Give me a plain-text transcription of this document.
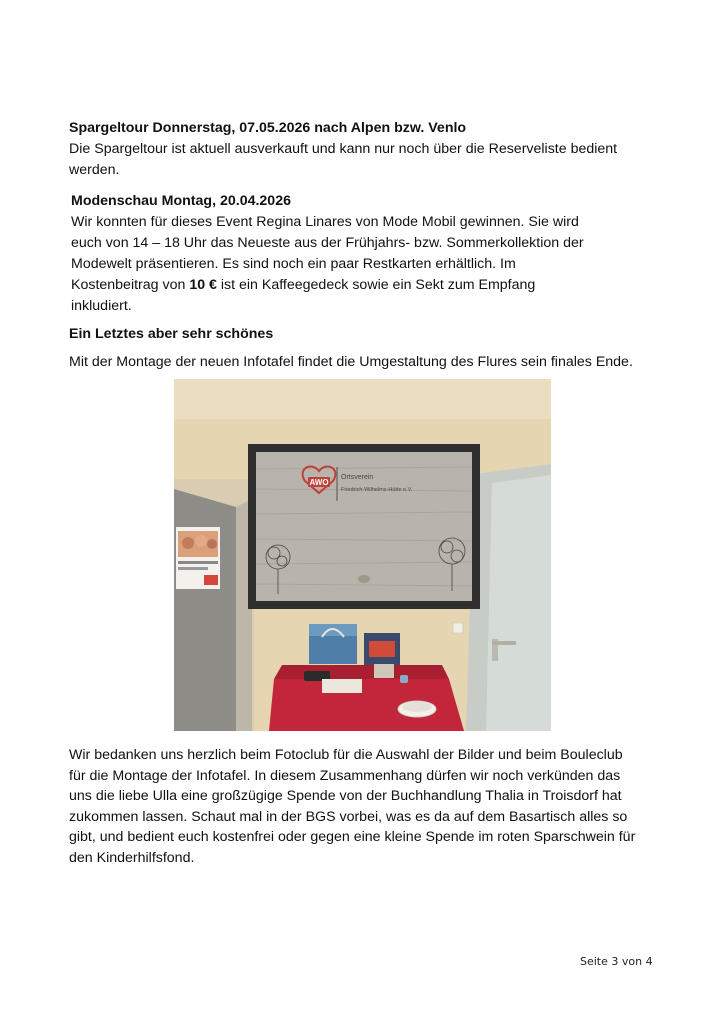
Spargeltour Donnerstag, 07.05.2026 nach Alpen bzw. Venlo

Die Spargeltour ist aktuell ausverkauft und kann nur noch über die Reserveliste bedient

werden.

Modenschau Montag, 20.04.2026

Wir konnten für dieses Event Regina Linares von Mode Mobil gewinnen. Sie wird

euch von 14 – 18 Uhr das Neueste aus der Frühjahrs- bzw. Sommerkollektion der

Modewelt präsentieren. Es sind noch ein paar Restkarten erhältlich. Im

Kostenbeitrag von 10 € ist ein Kaffeegedeck sowie ein Sekt zum Empfang

inkludiert.

Ein Letztes aber sehr schönes

Mit der Montage der neuen Infotafel findet die Umgestaltung des Flures sein finales Ende.

AWO
Ortsverein
Friedrich-Wilhelms-Hütte e.V.

Wir bedanken uns herzlich beim Fotoclub für die Auswahl der Bilder und beim Bouleclub

für die Montage der Infotafel. In diesem Zusammenhang dürfen wir noch verkünden das

uns die liebe Ulla eine großzügige Spende von der Buchhandlung Thalia in Troisdorf hat

zukommen lassen. Schaut mal in der BGS vorbei, was es da auf dem Basartisch alles so

gibt, und bedient euch kostenfrei oder gegen eine kleine Spende im roten Sparschwein für

den Kinderhilfsfond.

Seite 3 von 4
